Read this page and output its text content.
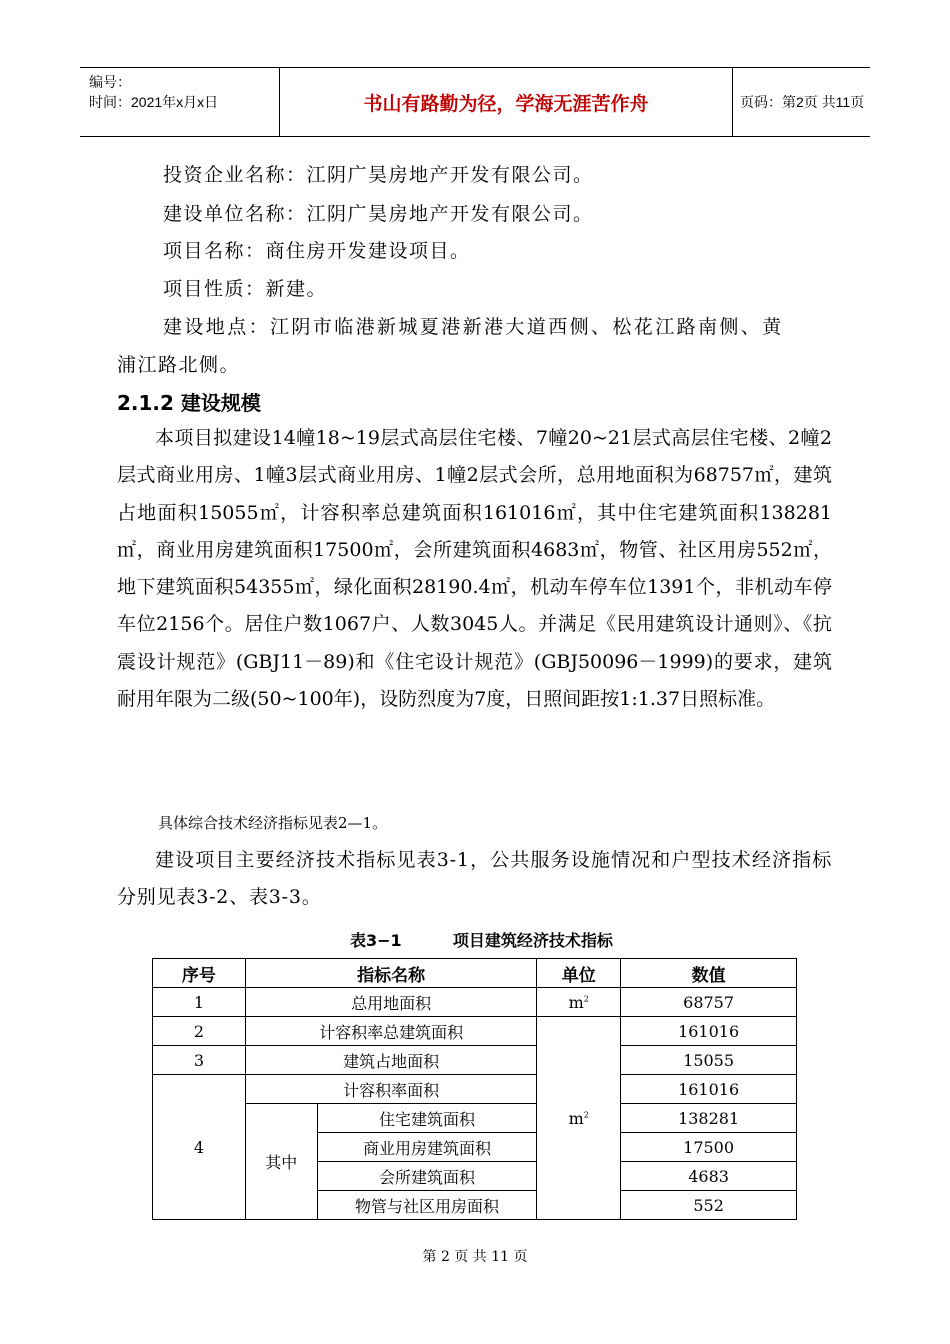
编号：
时间：2021年x月x日	书山有路勤为径，学海无涯苦作舟	页码：第2页 共11页
投资企业名称：江阴广昊房地产开发有限公司。
建设单位名称：江阴广昊房地产开发有限公司。
项目名称：商住房开发建设项目。
项目性质：新建。
建设地点：江阴市临港新城夏港新港大道西侧、松花江路南侧、黄
浦江路北侧。
2.1.2 建设规模
本项目拟建设14幢18~19层式高层住宅楼、7幢20~21层式高层住宅楼、2幢2层式商业用房、1幢3层式商业用房、1幢2层式会所，总用地面积为68757㎡，建筑占地面积15055㎡，计容积率总建筑面积161016㎡，其中住宅建筑面积138281㎡，商业用房建筑面积17500㎡，会所建筑面积4683㎡，物管、社区用房552㎡，地下建筑面积54355㎡，绿化面积28190.4㎡，机动车停车位1391个，非机动车停车位2156个。居住户数1067户、人数3045人。并满足《民用建筑设计通则》、《抗震设计规范》(GBJ11－89)和《住宅设计规范》(GBJ50096－1999)的要求，建筑耐用年限为二级(50~100年)，设防烈度为7度，日照间距按1:1.37日照标准。
具体综合技术经济指标见表2—1。
建设项目主要经济技术指标见表3-1，公共服务设施情况和户型技术经济指标分别见表3-2、表3-3。
表3−1	项目建筑经济技术指标
序号	指标名称		单位	数值
1	总用地面积		$m^2$	68757
2	计容积率总建筑面积		$m^2$	161016
3	建筑占地面积			15055
4	计容积率面积			161016
	其中	住宅建筑面积		138281
		商业用房建筑面积		17500
		会所建筑面积		4683
		物管与社区用房面积		552
第 2 页 共 11 页
